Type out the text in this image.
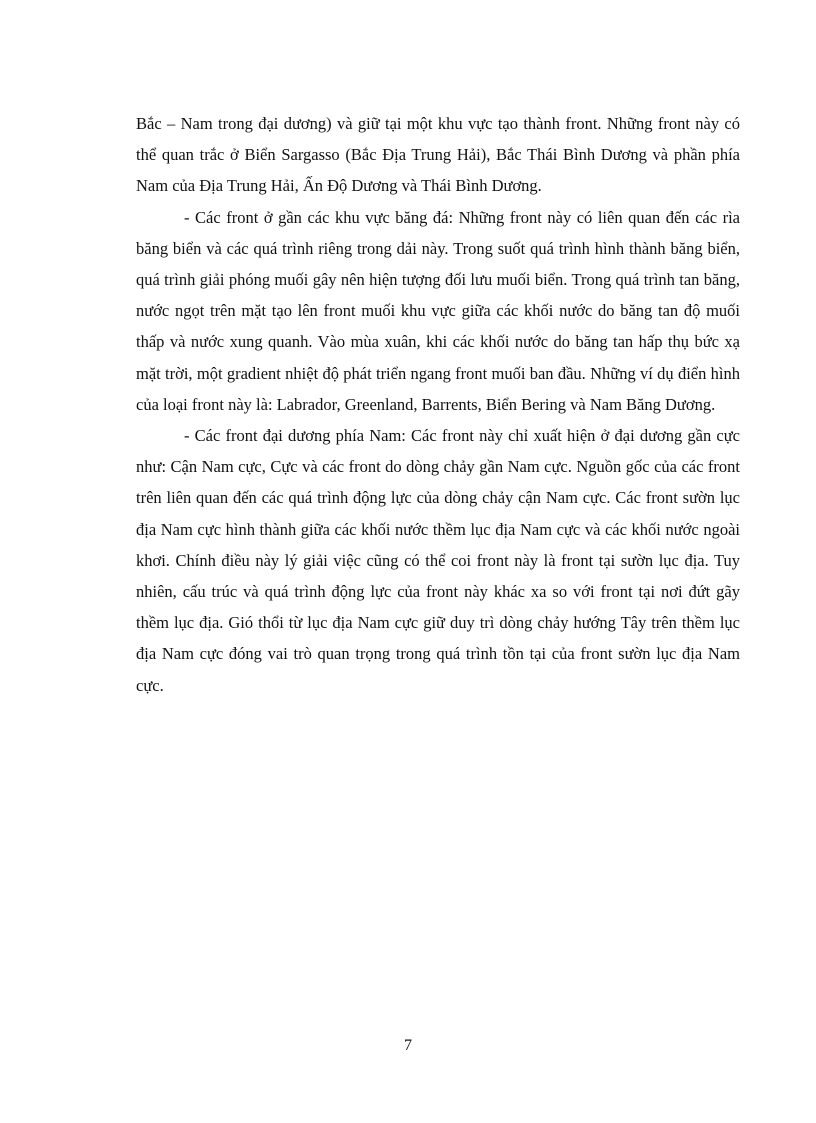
Bắc – Nam trong đại dương) và giữ tại một khu vực tạo thành front. Những front này có thể quan trắc ở Biển Sargasso (Bắc Địa Trung Hải), Bắc Thái Bình Dương và phần phía Nam của Địa Trung Hải, Ấn Độ Dương và Thái Bình Dương.

- Các front ở gần các khu vực băng đá: Những front này có liên quan đến các rìa băng biển và các quá trình riêng trong dải này. Trong suốt quá trình hình thành băng biển, quá trình giải phóng muối gây nên hiện tượng đối lưu muối biển. Trong quá trình tan băng, nước ngọt trên mặt tạo lên front muối khu vực giữa các khối nước do băng tan độ muối thấp và nước xung quanh. Vào mùa xuân, khi các khối nước do băng tan hấp thụ bức xạ mặt trời, một gradient nhiệt độ phát triển ngang front muối ban đầu. Những ví dụ điển hình của loại front này là: Labrador, Greenland, Barrents, Biển Bering và Nam Băng Dương.

- Các front đại dương phía Nam: Các front này chỉ xuất hiện ở đại dương gần cực như: Cận Nam cực, Cực và các front do dòng chảy gần Nam cực. Nguồn gốc của các front trên liên quan đến các quá trình động lực của dòng chảy cận Nam cực. Các front sườn lục địa Nam cực hình thành giữa các khối nước thềm lục địa Nam cực và các khối nước ngoài khơi. Chính điều này lý giải việc cũng có thể coi front này là front tại sườn lục địa. Tuy nhiên, cấu trúc và quá trình động lực của front này khác xa so với front tại nơi đứt gãy thềm lục địa. Gió thổi từ lục địa Nam cực giữ duy trì dòng chảy hướng Tây trên thềm lục địa Nam cực đóng vai trò quan trọng trong quá trình tồn tại của front sườn lục địa Nam cực.

7
